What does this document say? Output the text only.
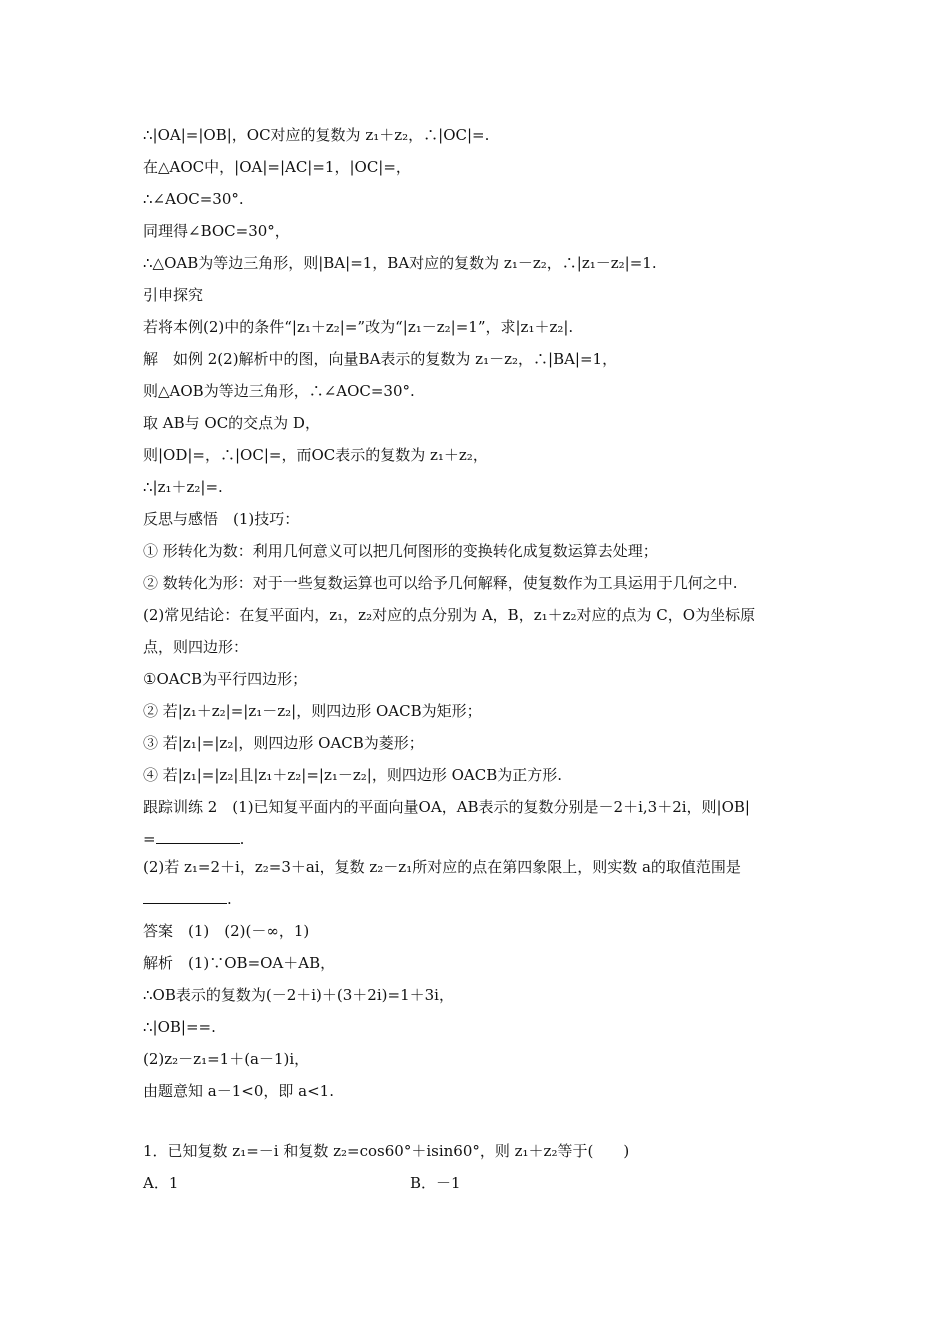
∴|OA|=|OB|，OC对应的复数为 z₁＋z₂，∴|OC|=.
在△AOC中，|OA|=|AC|=1，|OC|=，
∴∠AOC=30°.
同理得∠BOC=30°，
∴△OAB为等边三角形，则|BA|=1，BA对应的复数为 z₁－z₂，∴|z₁－z₂|=1.
引申探究
若将本例(2)中的条件“|z₁＋z₂|=”改为“|z₁－z₂|=1”，求|z₁＋z₂|.
解　如例 2(2)解析中的图，向量BA表示的复数为 z₁－z₂，∴|BA|=1，
则△AOB为等边三角形，∴∠AOC=30°.
取 AB与 OC的交点为 D，
则|OD|=，∴|OC|=，而OC表示的复数为 z₁＋z₂，
∴|z₁＋z₂|=.
反思与感悟　(1)技巧：
① 形转化为数：利用几何意义可以把几何图形的变换转化成复数运算去处理；
② 数转化为形：对于一些复数运算也可以给予几何解释，使复数作为工具运用于几何之中.
(2)常见结论：在复平面内，z₁，z₂对应的点分别为 A，B，z₁＋z₂对应的点为 C，O为坐标原
点，则四边形：
①OACB为平行四边形；
② 若|z₁＋z₂|=|z₁－z₂|，则四边形 OACB为矩形；
③ 若|z₁|=|z₂|，则四边形 OACB为菱形；
④ 若|z₁|=|z₂|且|z₁＋z₂|=|z₁－z₂|，则四边形 OACB为正方形.
跟踪训练 2　(1)已知复平面内的平面向量OA，AB表示的复数分别是－2＋i,3＋2i，则|OB|
=	.
(2)若 z₁=2＋i，z₂=3＋ai，复数 z₂－z₁所对应的点在第四象限上，则实数 a的取值范围是
.
答案　(1)　(2)(－∞，1)
解析　(1)∵OB=OA＋AB，
∴OB表示的复数为(－2＋i)＋(3＋2i)=1＋3i，
∴|OB|==.
(2)z₂－z₁=1＋(a－1)i，
由题意知 a－1<0，即 a<1.
1．已知复数 z₁=－i 和复数 z₂=cos60°＋isin60°，则 z₁＋z₂等于(　　)
A．1	B．－1
